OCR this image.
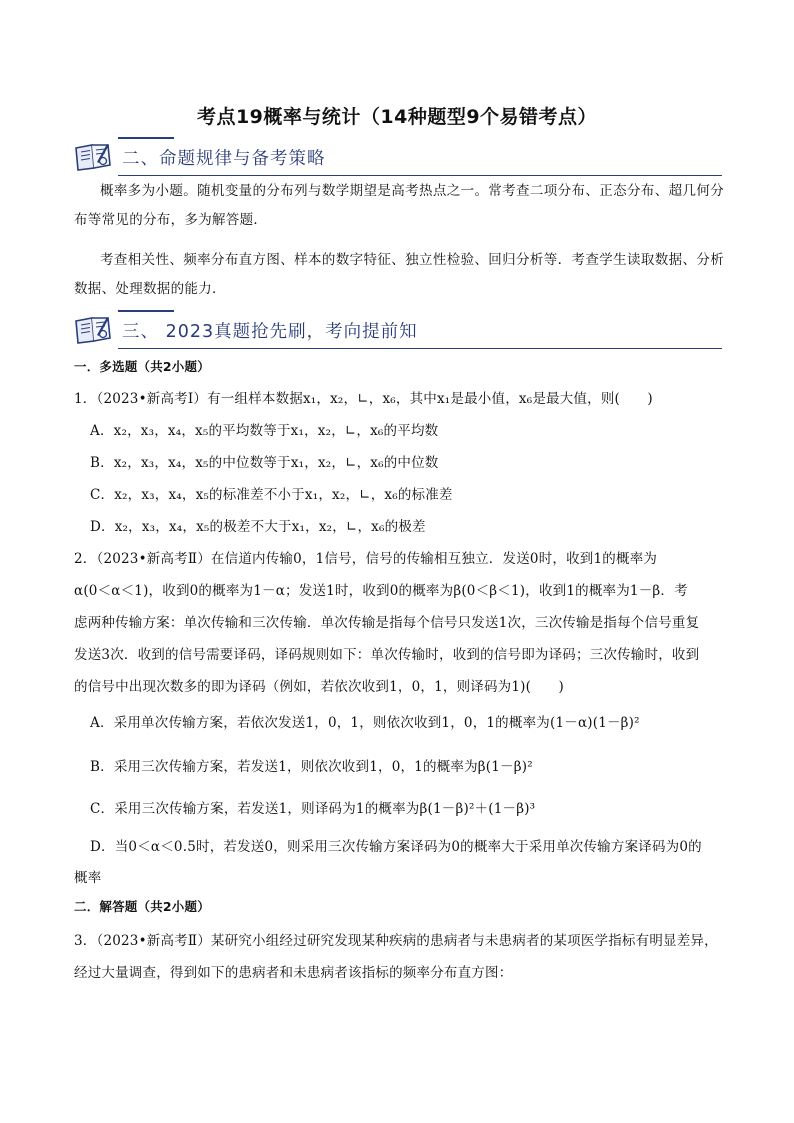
考点19概率与统计（14种题型9个易错考点）
二、命题规律与备考策略
概率多为小题。随机变量的分布列与数学期望是高考热点之一。常考查二项分布、正态分布、超几何分布等常见的分布，多为解答题．
考查相关性、频率分布直方图、样本的数字特征、独立性检验、回归分析等．考查学生读取数据、分析数据、处理数据的能力．
三、 2023真题抢先刷，考向提前知
一．多选题（共2小题）
1．（2023•新高考Ⅰ）有一组样本数据x₁，x₂，∟，x₆，其中x₁是最小值，x₆是最大值，则(　　)
A．x₂，x₃，x₄，x₅的平均数等于x₁，x₂，∟，x₆的平均数
B．x₂，x₃，x₄，x₅的中位数等于x₁，x₂，∟，x₆的中位数
C．x₂，x₃，x₄，x₅的标准差不小于x₁，x₂，∟，x₆的标准差
D．x₂，x₃，x₄，x₅的极差不大于x₁，x₂，∟，x₆的极差
2．（2023•新高考Ⅱ）在信道内传输0，1信号，信号的传输相互独立．发送0时，收到1的概率为
α(0＜α＜1)，收到0的概率为1－α；发送1时，收到0的概率为β(0＜β＜1)，收到1的概率为1－β．考
虑两种传输方案：单次传输和三次传输．单次传输是指每个信号只发送1次，三次传输是指每个信号重复
发送3次．收到的信号需要译码，译码规则如下：单次传输时，收到的信号即为译码；三次传输时，收到
的信号中出现次数多的即为译码（例如，若依次收到1，0，1，则译码为1)(　　)
A．采用单次传输方案，若依次发送1，0，1，则依次收到1，0，1的概率为(1－α)(1－β)²
B．采用三次传输方案，若发送1，则依次收到1，0，1的概率为β(1－β)²
C．采用三次传输方案，若发送1，则译码为1的概率为β(1－β)²＋(1－β)³
D．当0＜α＜0.5时，若发送0，则采用三次传输方案译码为0的概率大于采用单次传输方案译码为0的
概率
二．解答题（共2小题）
3．（2023•新高考Ⅱ）某研究小组经过研究发现某种疾病的患病者与未患病者的某项医学指标有明显差异，
经过大量调查，得到如下的患病者和未患病者该指标的频率分布直方图：
